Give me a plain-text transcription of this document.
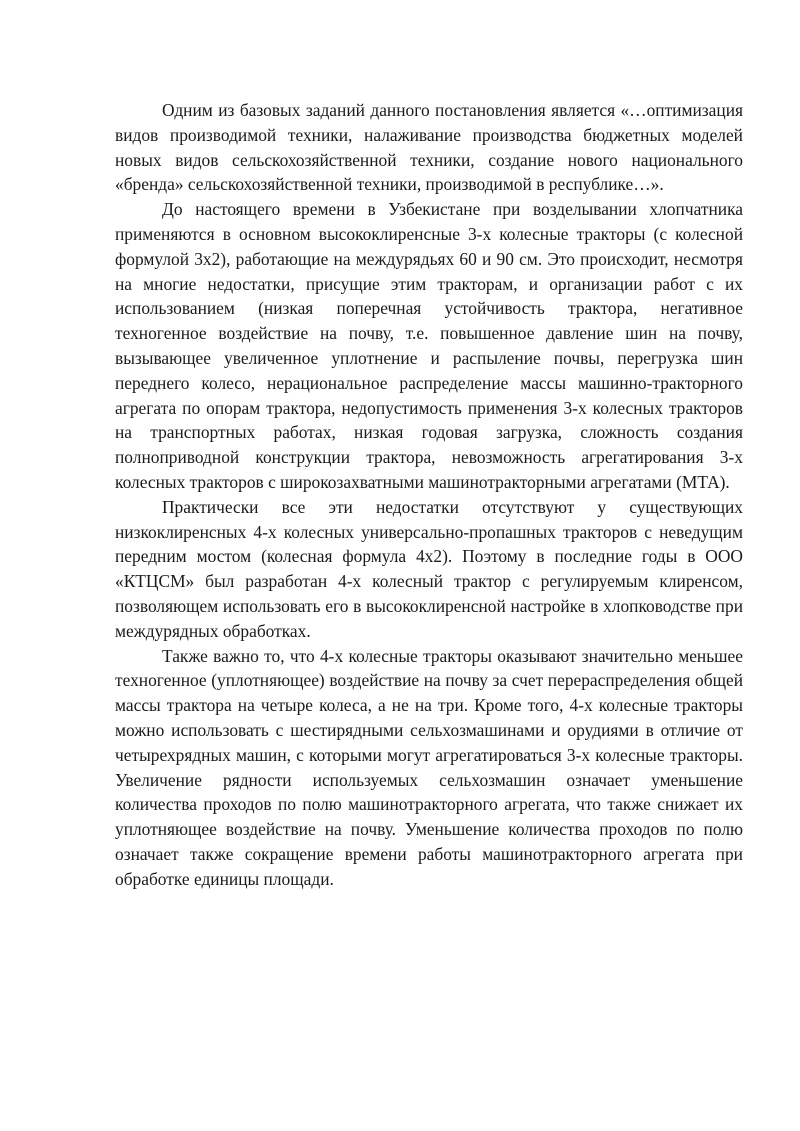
Одним из базовых заданий данного постановления является «…оптимизация видов производимой техники, налаживание производства бюджетных моделей новых видов сельскохозяйственной техники, создание нового национального «бренда» сельскохозяйственной техники, производимой в республике…».

До настоящего времени в Узбекистане при возделывании хлопчатника применяются в основном высококлиренсные 3-х колесные тракторы (с колесной формулой 3х2), работающие на междурядьях 60 и 90 см. Это происходит, несмотря на многие недостатки, присущие этим тракторам, и организации работ с их использованием (низкая поперечная устойчивость трактора, негативное техногенное воздействие на почву, т.е. повышенное давление шин на почву, вызывающее увеличенное уплотнение и распыление почвы, перегрузка шин переднего колесо, нерациональное распределение массы машинно-тракторного агрегата по опорам трактора, недопустимость применения 3-х колесных тракторов на транспортных работах, низкая годовая загрузка, сложность создания полноприводной конструкции трактора, невозможность агрегатирования 3-х колесных тракторов с широкозахватными машинотракторными агрегатами (МТА).

Практически все эти недостатки отсутствуют у существующих низкоклиренсных 4-х колесных универсально-пропашных тракторов с неведущим передним мостом (колесная формула 4х2). Поэтому в последние годы в ООО «КТЦСМ» был разработан 4-х колесный трактор с регулируемым клиренсом, позволяющем использовать его в высококлиренсной настройке в хлопководстве при междурядных обработках.

Также важно то, что 4-х колесные тракторы оказывают значительно меньшее техногенное (уплотняющее) воздействие на почву за счет перераспределения общей массы трактора на четыре колеса, а не на три. Кроме того, 4-х колесные тракторы можно использовать с шестирядными сельхозмашинами и орудиями в отличие от четырехрядных машин, с которыми могут агрегатироваться 3-х колесные тракторы. Увеличение рядности используемых сельхозмашин означает уменьшение количества проходов по полю машинотракторного агрегата, что также снижает их уплотняющее воздействие на почву. Уменьшение количества проходов по полю означает также сокращение времени работы машинотракторного агрегата при обработке единицы площади.
